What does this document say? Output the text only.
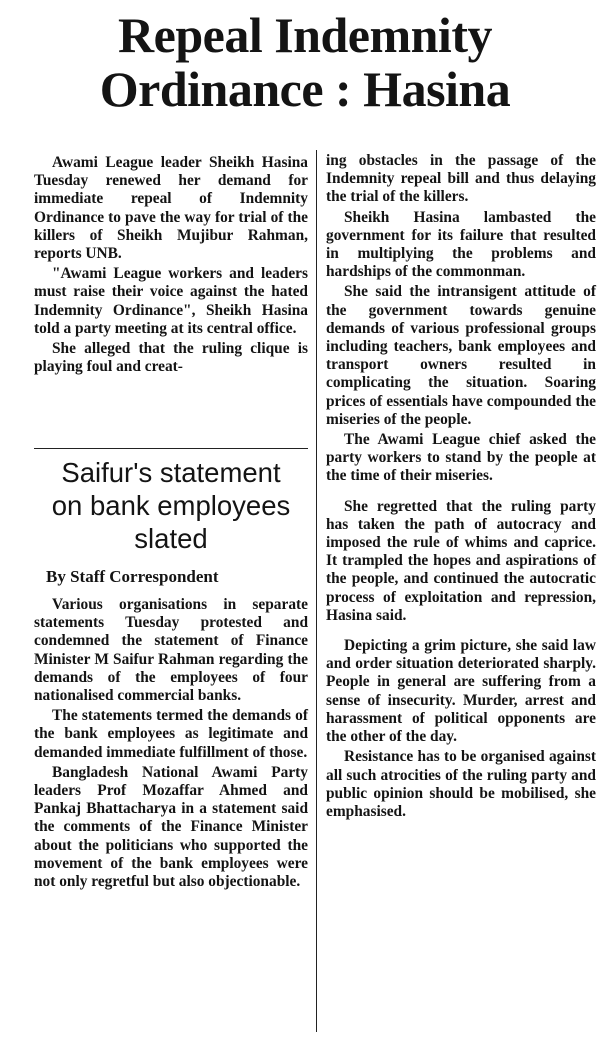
Repeal Indemnity
Ordinance : Hasina

Awami League leader Sheikh Hasina Tuesday renewed her demand for immediate repeal of Indemnity Ordinance to pave the way for trial of the killers of Sheikh Mujibur Rahman, reports UNB.

"Awami League workers and leaders must raise their voice against the hated Indemnity Ordinance", Sheikh Hasina told a party meeting at its central office.

She alleged that the ruling clique is playing foul and creat-

Saifur's statement
on bank employees
slated
By Staff Correspondent

Various organisations in separate statements Tuesday protested and condemned the statement of Finance Minister M Saifur Rahman regarding the demands of the employees of four nationalised commercial banks.

The statements termed the demands of the bank employees as legitimate and demanded immediate fulfillment of those.

Bangladesh National Awami Party leaders Prof Mozaffar Ahmed and Pankaj Bhattacharya in a statement said the comments of the Finance Minister about the politicians who supported the movement of the bank employees were not only regretful but also objectionable.

ing obstacles in the passage of the Indemnity repeal bill and thus delaying the trial of the killers.

Sheikh Hasina lambasted the government for its failure that resulted in multiplying the problems and hardships of the commonman.

She said the intransigent attitude of the government towards genuine demands of various professional groups including teachers, bank employees and transport owners resulted in complicating the situation. Soaring prices of essentials have compounded the miseries of the people.

The Awami League chief asked the party workers to stand by the people at the time of their miseries.

She regretted that the ruling party has taken the path of autocracy and imposed the rule of whims and caprice. It trampled the hopes and aspirations of the people, and continued the autocratic process of exploitation and repression, Hasina said.

Depicting a grim picture, she said law and order situation deteriorated sharply. People in general are suffering from a sense of insecurity. Murder, arrest and harassment of political opponents are the other of the day.

Resistance has to be organised against all such atrocities of the ruling party and public opinion should be mobilised, she emphasised.
